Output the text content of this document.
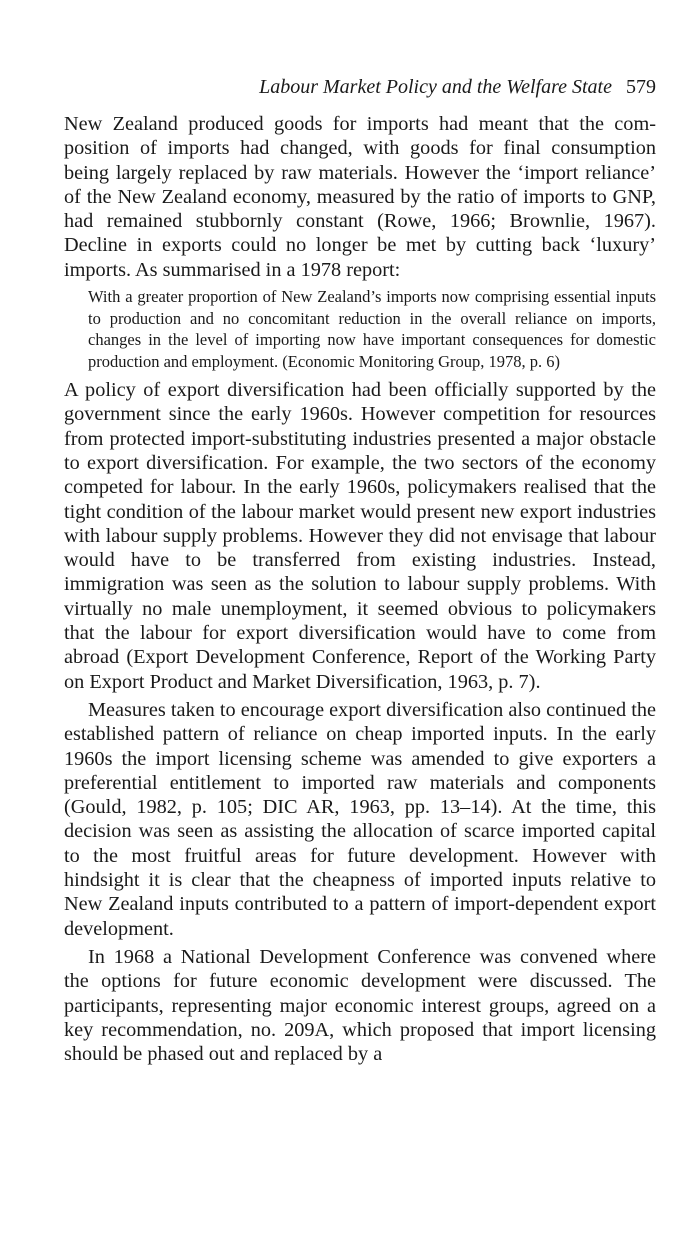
Labour Market Policy and the Welfare State 579

New Zealand produced goods for imports had meant that the composition of imports had changed, with goods for final consumption being largely replaced by raw materials. However the ‘import reliance’ of the New Zealand economy, measured by the ratio of imports to GNP, had remained stubbornly constant (Rowe, 1966; Brownlie, 1967). Decline in exports could no longer be met by cutting back ‘luxury’ imports. As summarised in a 1978 report:

With a greater proportion of New Zealand’s imports now comprising essential inputs to production and no concomitant reduction in the overall reliance on imports, changes in the level of importing now have important consequences for domestic production and employment. (Economic Monitoring Group, 1978, p. 6)

A policy of export diversification had been officially supported by the government since the early 1960s. However competition for resources from protected import-substituting industries presented a major obstacle to export diversification. For example, the two sectors of the economy competed for labour. In the early 1960s, policymakers realised that the tight condition of the labour market would present new export industries with labour supply problems. However they did not envisage that labour would have to be transferred from existing industries. Instead, immigration was seen as the solution to labour supply problems. With virtually no male unemployment, it seemed obvious to policymakers that the labour for export diversification would have to come from abroad (Export Development Conference, Report of the Working Party on Export Product and Market Diversification, 1963, p. 7).

Measures taken to encourage export diversification also continued the established pattern of reliance on cheap imported inputs. In the early 1960s the import licensing scheme was amended to give exporters a preferential entitlement to imported raw materials and components (Gould, 1982, p. 105; DIC AR, 1963, pp. 13–14). At the time, this decision was seen as assisting the allocation of scarce imported capital to the most fruitful areas for future development. However with hindsight it is clear that the cheapness of imported inputs relative to New Zealand inputs contributed to a pattern of import-dependent export development.

In 1968 a National Development Conference was convened where the options for future economic development were discussed. The participants, representing major economic interest groups, agreed on a key recommendation, no. 209A, which proposed that import licensing should be phased out and replaced by a
